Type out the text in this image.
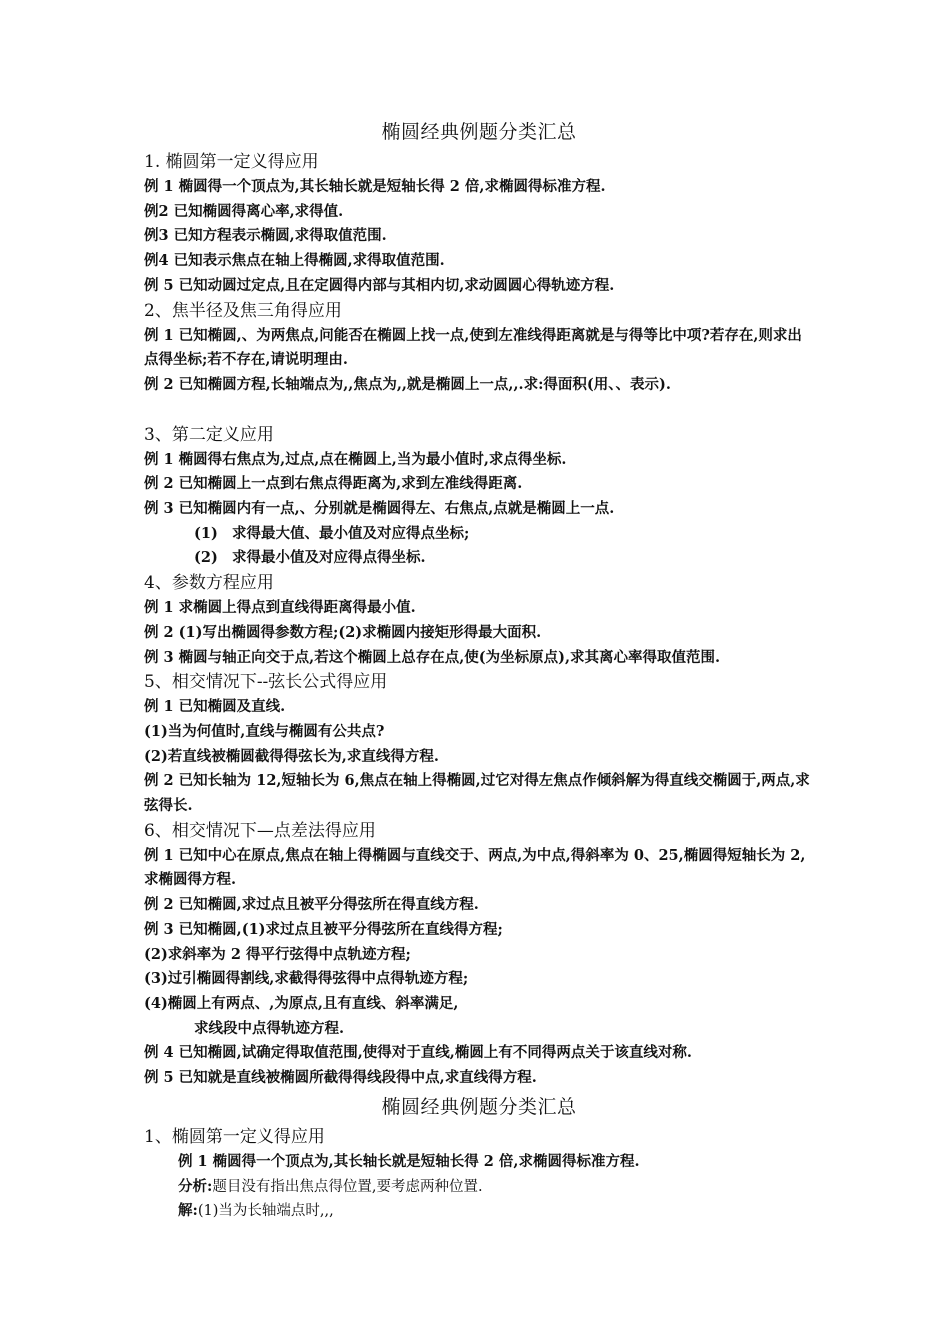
椭圆经典例题分类汇总
1. 椭圆第一定义得应用
例 1 椭圆得一个顶点为,其长轴长就是短轴长得 2 倍,求椭圆得标准方程.
例2 已知椭圆得离心率,求得值.
例3 已知方程表示椭圆,求得取值范围.
例4 已知表示焦点在轴上得椭圆,求得取值范围.
例 5 已知动圆过定点,且在定圆得内部与其相内切,求动圆圆心得轨迹方程.
2、焦半径及焦三角得应用
例 1 已知椭圆,、为两焦点,问能否在椭圆上找一点,使到左准线得距离就是与得等比中项?若存在,则求出点得坐标;若不存在,请说明理由.
例 2 已知椭圆方程,长轴端点为,,焦点为,,就是椭圆上一点,,.求:得面积(用、、表示).
3、第二定义应用
例 1 椭圆得右焦点为,过点,点在椭圆上,当为最小值时,求点得坐标.
例 2 已知椭圆上一点到右焦点得距离为,求到左准线得距离.
例 3 已知椭圆内有一点,、分别就是椭圆得左、右焦点,点就是椭圆上一点.
(1) 求得最大值、最小值及对应得点坐标;
(2) 求得最小值及对应得点得坐标.
4、参数方程应用
例 1 求椭圆上得点到直线得距离得最小值.
例 2 (1)写出椭圆得参数方程;(2)求椭圆内接矩形得最大面积.
例 3 椭圆与轴正向交于点,若这个椭圆上总存在点,使(为坐标原点),求其离心率得取值范围.
5、相交情况下--弦长公式得应用
例 1 已知椭圆及直线.
(1)当为何值时,直线与椭圆有公共点?
(2)若直线被椭圆截得得弦长为,求直线得方程.
例 2 已知长轴为 12,短轴长为 6,焦点在轴上得椭圆,过它对得左焦点作倾斜解为得直线交椭圆于,两点,求弦得长.
6、相交情况下—点差法得应用
例 1 已知中心在原点,焦点在轴上得椭圆与直线交于、两点,为中点,得斜率为 0、25,椭圆得短轴长为 2,求椭圆得方程.
例 2 已知椭圆,求过点且被平分得弦所在得直线方程.
例 3 已知椭圆,(1)求过点且被平分得弦所在直线得方程;
(2)求斜率为 2 得平行弦得中点轨迹方程;
(3)过引椭圆得割线,求截得得弦得中点得轨迹方程;
(4)椭圆上有两点、,为原点,且有直线、斜率满足,
求线段中点得轨迹方程.
例 4 已知椭圆,试确定得取值范围,使得对于直线,椭圆上有不同得两点关于该直线对称.
例 5 已知就是直线被椭圆所截得得线段得中点,求直线得方程.
椭圆经典例题分类汇总
1、椭圆第一定义得应用
例 1 椭圆得一个顶点为,其长轴长就是短轴长得 2 倍,求椭圆得标准方程.
分析:题目没有指出焦点得位置,要考虑两种位置.
解:(1)当为长轴端点时,,,
